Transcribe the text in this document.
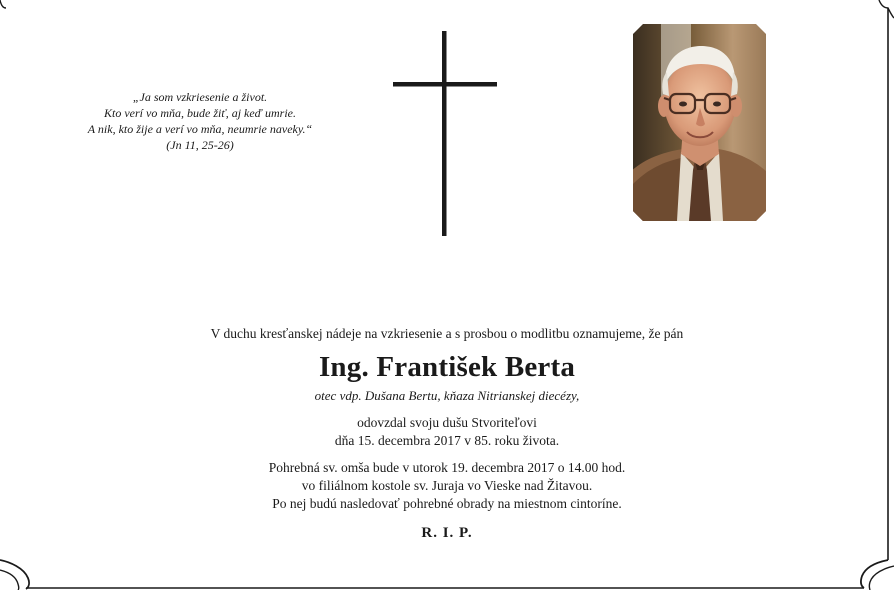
„Ja som vzkriesenie a život.
Kto verí vo mňa, bude žiť, aj keď umrie.
A nik, kto žije a verí vo mňa, neumrie naveky.“
(Jn 11, 25-26)
V duchu kresťanskej nádeje na vzkriesenie a s prosbou o modlitbu oznamujeme, že pán
Ing. František Berta
otec vdp. Dušana Bertu, kňaza Nitrianskej diecézy,
odovzdal svoju dušu Stvoriteľovi
dňa 15. decembra 2017 v 85. roku života.
Pohrebná sv. omša bude v utorok 19. decembra 2017 o 14.00 hod.
vo filiálnom kostole sv. Juraja vo Vieske nad Žitavou.
Po nej budú nasledovať pohrebné obrady na miestnom cintoríne.
R. I. P.
